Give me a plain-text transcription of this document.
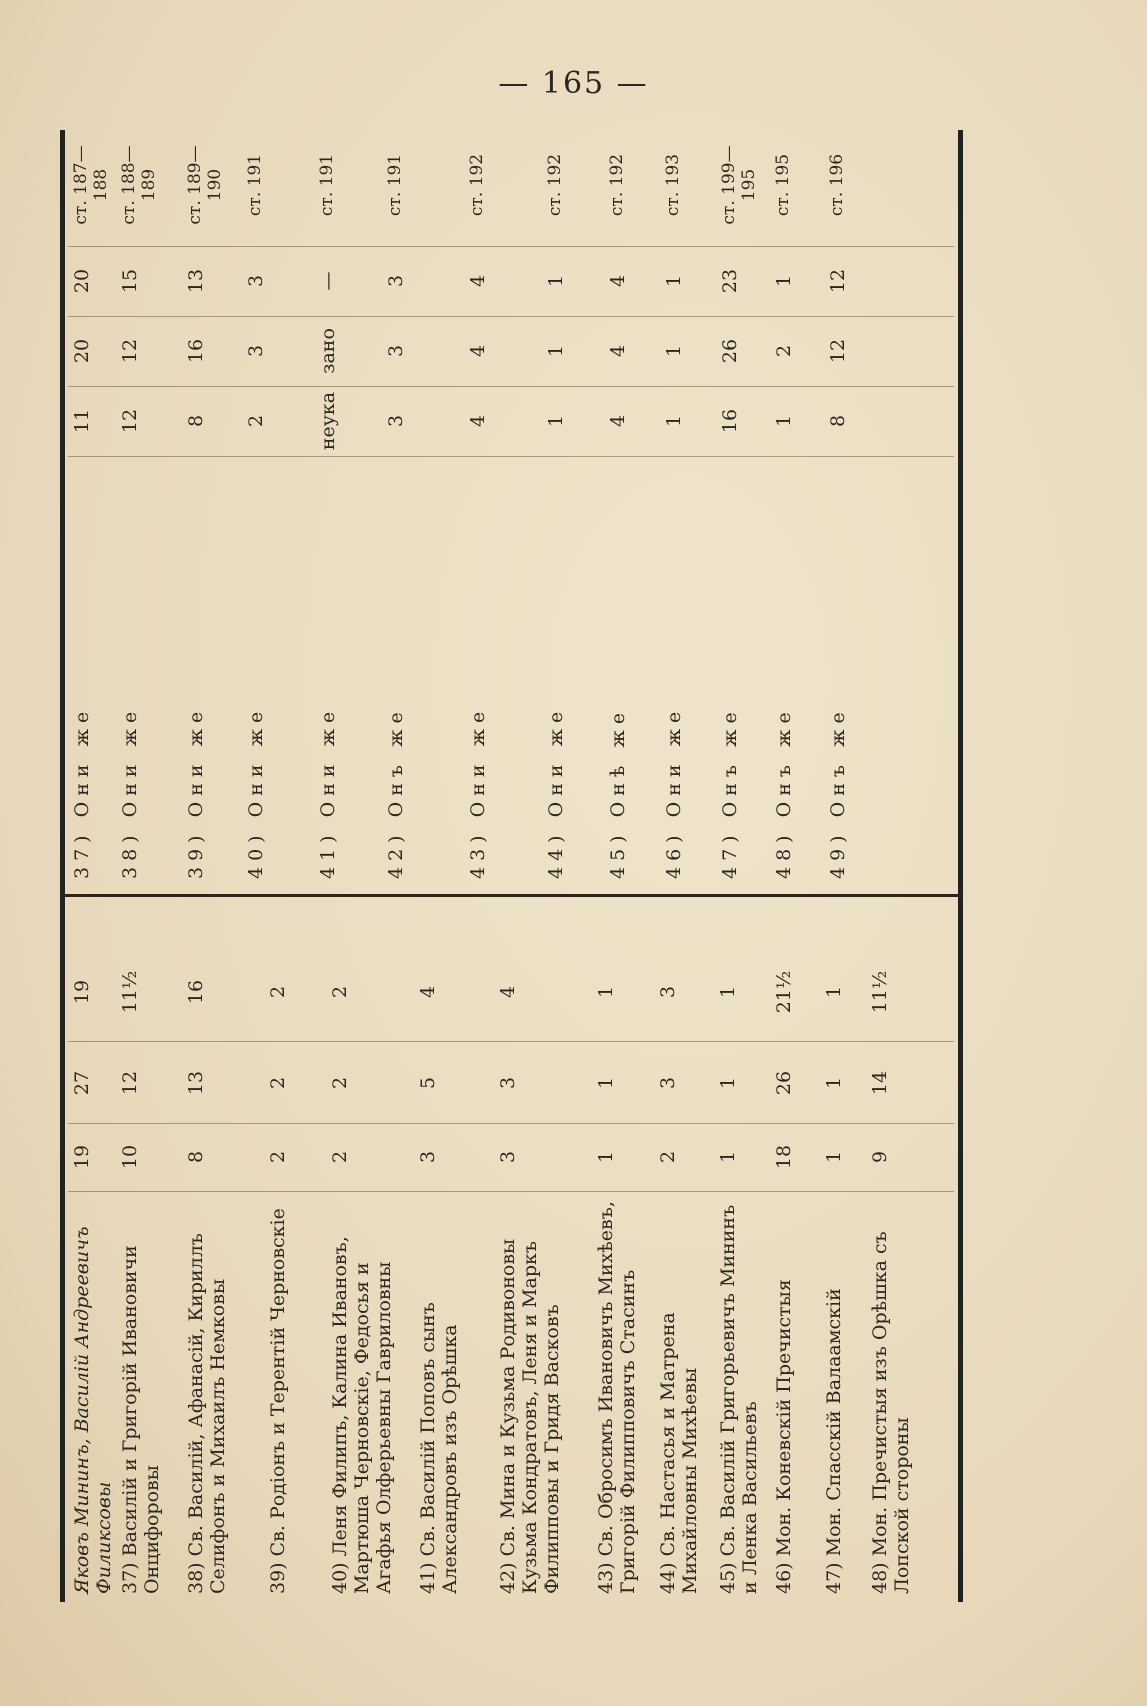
— 165 —
Яковъ Мининъ, Василій Андреевичъ Филиксовы
19
27
19
37) Василій и Григорій Ивановичи Онцифоровы
10
12
11½
38) Св. Василій, Афанасій, Кириллъ Селифонъ и Михаилъ Немковы
8
13
16
39) Св. Родіонъ и Терентій Черновскіе
2
2
2
40) Леня Филипъ, Калина Ивановъ, Мартюша Черновскіе, Федосья и Агафья Олферьевны Гавриловны
2
2
2
41) Св. Василій Поповъ сынъ Александровъ изъ Орѣшка
3
5
4
42) Св. Мина и Кузьма Родивоновы Кузьма Кондратовъ, Леня и Маркъ Филипповы и Гридя Васковъ
3
3
4
43) Св. Обросимъ Ивановичъ Михѣевъ, Григорій Филипповичъ Стасинъ
1
1
1
44) Св. Настасья и Матрена Михайловны Михѣевы
2
3
3
45) Св. Василій Григорьевичъ Мининъ и Ленка Васильевъ
1
1
1
46) Мон. Коневскій Пречистыя
18
26
21½
47) Мон. Спасскій Валаамскій
1
1
1
48) Мон. Пречистыя изъ Орѣшка съ Лопской стороны
9
14
11½
37) Они же
11
20
20
ст. 187—188
38) Они же
12
12
15
ст. 188—189
39) Они же
8
16
13
ст. 189—190
40) Они же
2
3
3
ст. 191
41) Они же
неука
зано
—
ст. 191
42) Онъ же
3
3
3
ст. 191
43) Они же
4
4
4
ст. 192
44) Они же
1
1
1
ст. 192
45) Онѣ же
4
4
4
ст. 192
46) Они же
1
1
1
ст. 193
47) Онъ же
16
26
23
ст. 199—195
48) Онъ же
1
2
1
ст. 195
49) Онъ же
8
12
12
ст. 196
